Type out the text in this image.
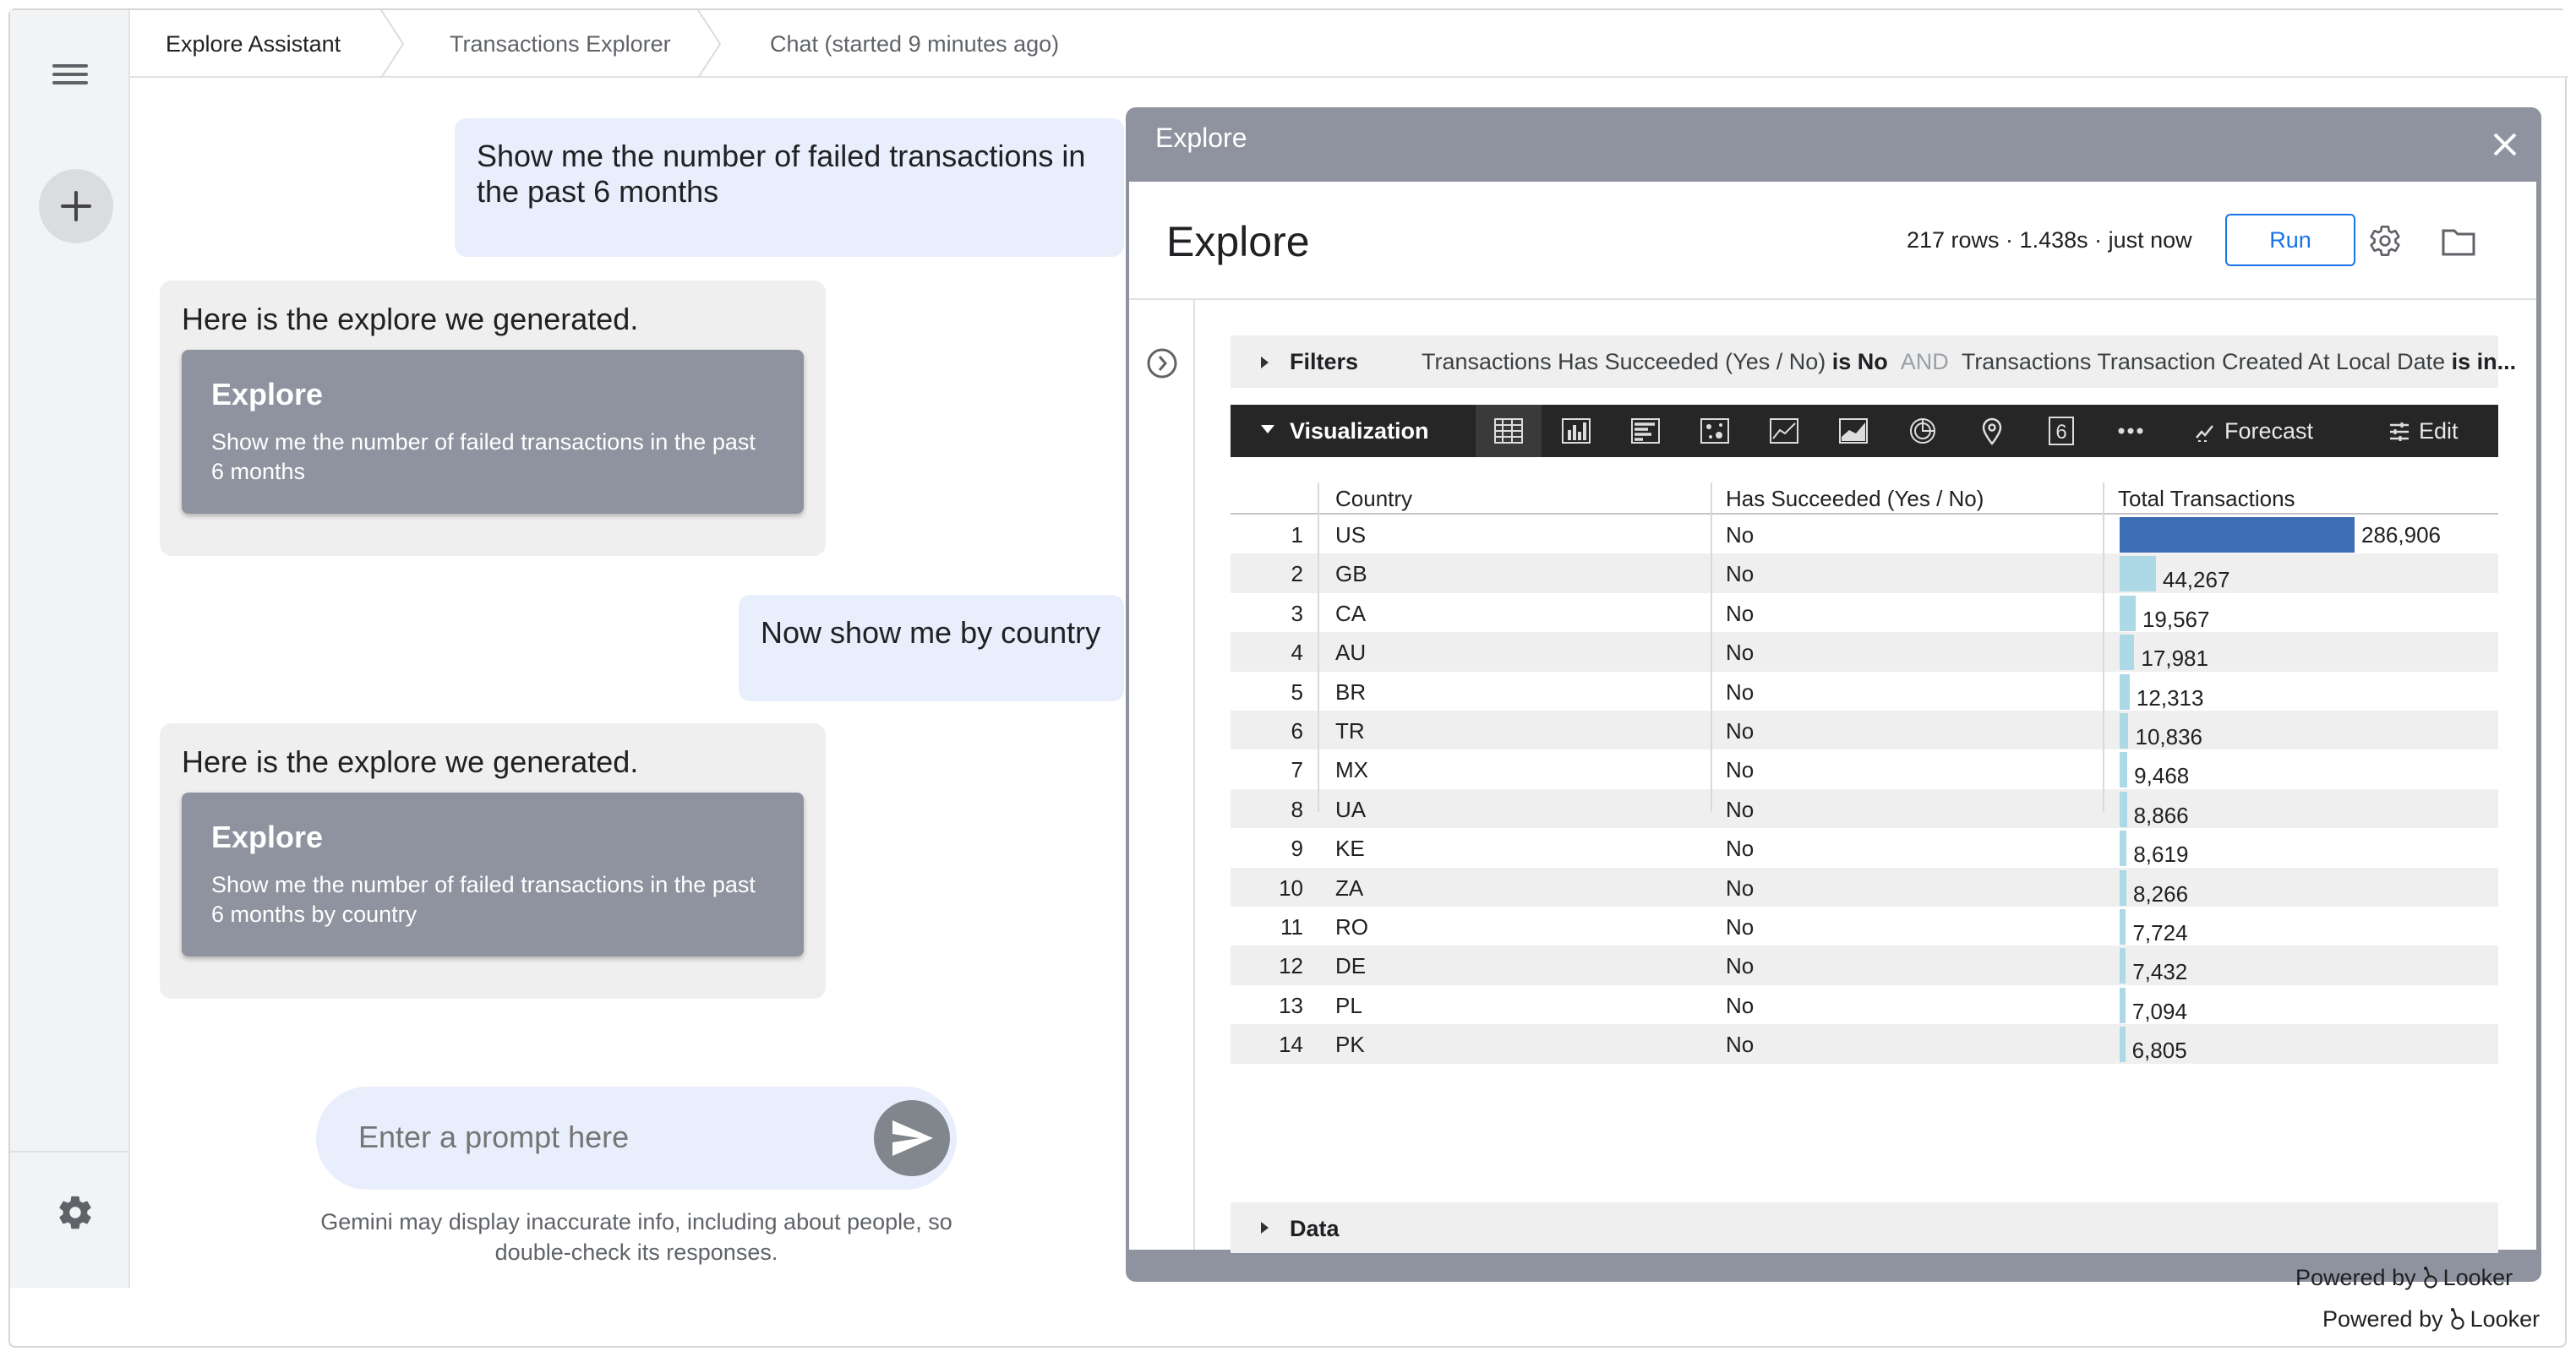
Explore Assistant	Transactions Explorer	Chat (started 9 minutes ago)
Show me the number of failed transactions in the past 6 months
Here is the explore we generated.
Explore
Show me the number of failed transactions in the past 6 months
Now show me by country
Here is the explore we generated.
Explore
Show me the number of failed transactions in the past 6 months by country
Enter a prompt here
Gemini may display inaccurate info, including about people, so double-check its responses.
Explore
Explore	217 rows · 1.438s · just now	Run
Filters	Transactions Has Succeeded (Yes / No) is No AND Transactions Transaction Created At Local Date is in...
Visualization	6	Forecast	Edit
Country	Has Succeeded (Yes / No)	Total Transactions
1 US	No	286,906
2 GB	No	44,267
3 CA	No	19,567
4 AU	No	17,981
5 BR	No	12,313
6 TR	No	10,836
7 MX	No	9,468
8 UA	No	8,866
9 KE	No	8,619
10 ZA	No	8,266
11 RO	No	7,724
12 DE	No	7,432
13 PL	No	7,094
14 PK	No	6,805
Data
Powered by Looker
Powered by Looker
